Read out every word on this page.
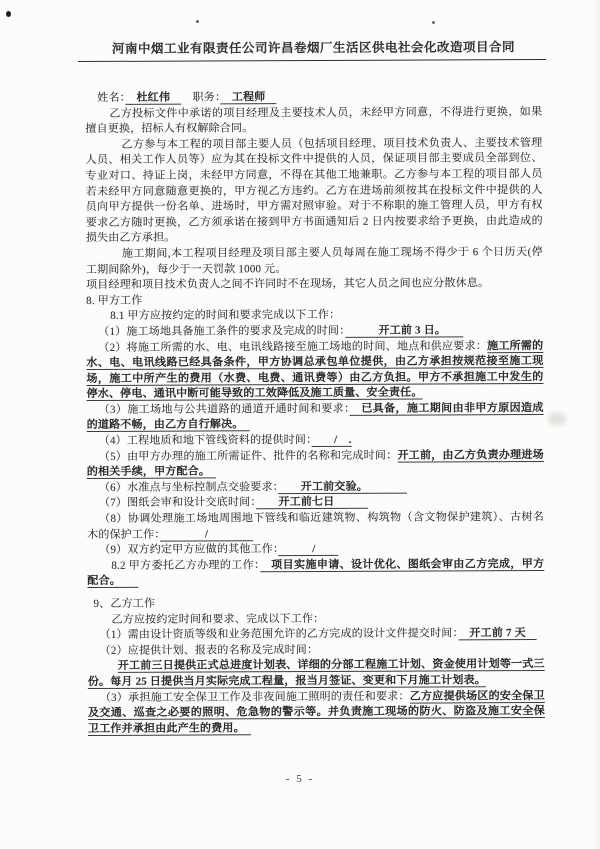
河南中烟工业有限责任公司许昌卷烟厂生活区供电社会化改造项目合同
姓名：　杜红伟　　职务：　工程师　
乙方投标文件中承诺的项目经理及主要技术人员，未经甲方同意，不得进行更换，如果擅自更换，招标人有权解除合同。
乙方参与本工程的项目部主要人员（包括项目经理、项目技术负责人、主要技术管理人员、相关工作人员等）应为其在投标文件中提供的人员，保证项目部主要成员全部到位、专业对口、持证上岗，未经甲方同意，不得在其他工地兼职。乙方参与本工程的项目部人员若未经甲方同意随意更换的，甲方视乙方违约。乙方在进场前须按其在投标文件中提供的人员向甲方提供一份名单、进场时，甲方需对照审验。对于不称职的施工管理人员，甲方有权要求乙方随时更换，乙方须承诺在接到甲方书面通知后 2 日内按要求给予更换，由此造成的损失由乙方承担。
施工期间,本工程项目经理及项目部主要人员每周在施工现场不得少于 6 个日历天(停工期间除外)，每少于一天罚款 1000 元。
项目经理和项目技术负责人之间不许同时不在现场，其它人员之间也应分散休息。
8. 甲方工作
8.1 甲方应按约定的时间和要求完成以下工作：
（1）施工场地具备施工条件的要求及完成的时间：　　　开工前 3 日。　　
（2）将施工所需的水、电、电讯线路接至施工场地的时间、地点和供应要求：施工所需的水、电、电讯线路已经具备条件，甲方协调总承包单位提供，由乙方承担按规范接至施工现场，施工中所产生的费用（水费、电费、通讯费等）由乙方负担。甲方不承担施工中发生的停水、停电、通讯中断可能导致的工效降低及施工质量、安全责任。
（3）施工场地与公共道路的通道开通时间和要求：　已具备，施工期间由非甲方原因造成的道路不畅，由乙方自行解决。　
（4）工程地质和地下管线资料的提供时间：　　/　.
（5）由甲方办理的施工所需证件、批件的名称和完成时间：开工前，由乙方负责办理进场的相关手续，甲方配合。　
（6）水准点与坐标控制点交验要求：　　开工前交验。　　　　
（7）图纸会审和设计交底时间：　　开工前七日　　　
（8）协调处理施工场地周围地下管线和临近建筑物、构筑物（含文物保护建筑）、古树名木的保护工作：　　　　/　　　　
（9）双方约定甲方应做的其他工作：　　　/　　
8.2 甲方委托乙方办理的工作：　项目实施申请、设计优化、图纸会审由乙方完成，甲方配合。　　
9、乙方工作
乙方应按约定时间和要求、完成以下工作：
（1）需由设计资质等级和业务范围允许的乙方完成的设计文件提交时间：　开工前 7 天　
（2）应提供计划、报表的名称及完成时间：
开工前三日提供正式总进度计划表、详细的分部工程施工计划、资金使用计划等一式三份。每月 25 日提供当月实际完成工程量，报当月签证、变更和下月施工计划表。
（3）承担施工安全保卫工作及非夜间施工照明的责任和要求：乙方应提供场区的安全保卫及交通、巡查之必要的照明、危急物的警示等。并负责施工现场的防火、防盗及施工安全保卫工作并承担由此产生的费用。　
- 5 -
